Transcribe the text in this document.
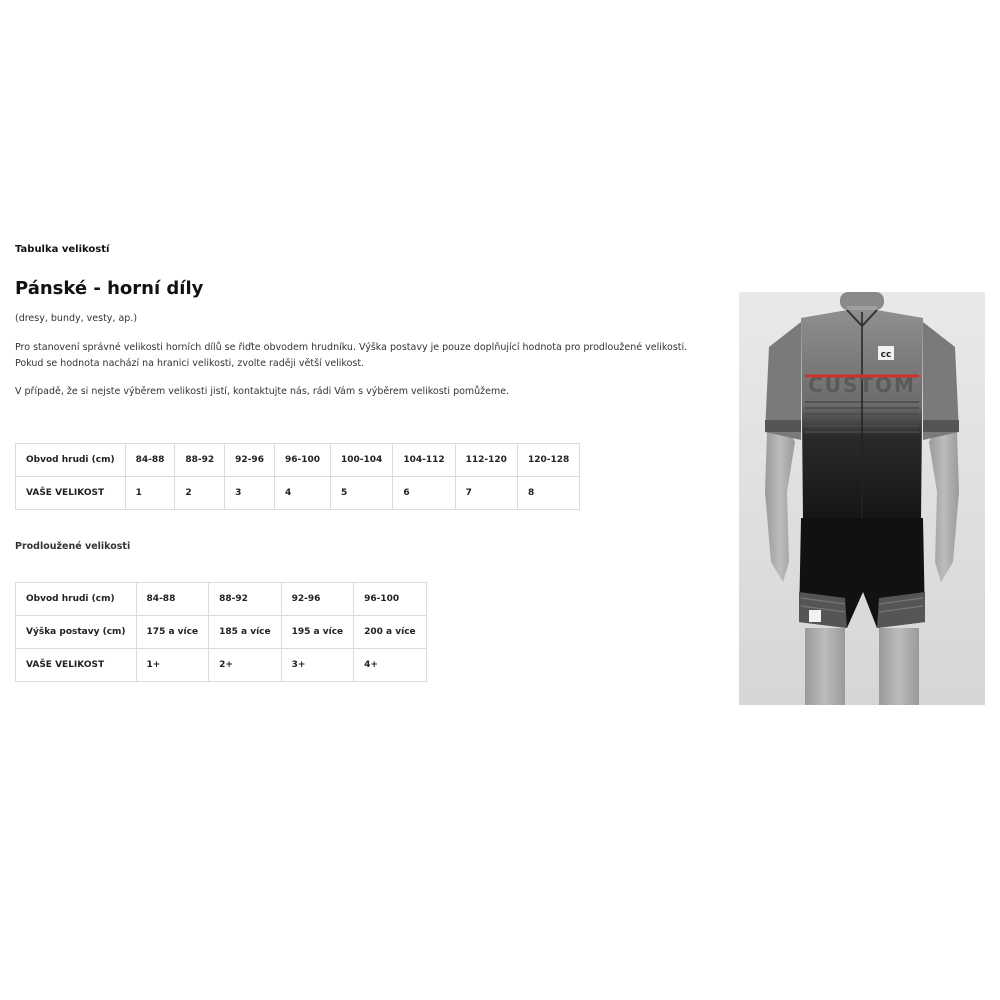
Tabulka velikostí
Pánské - horní díly
(dresy, bundy, vesty, ap.)
Pro stanovení správné velikosti horních dílů se řiďte obvodem hrudníku. Výška postavy je pouze doplňující hodnota pro prodloužené velikosti.
Pokud se hodnota nachází na hranici velikosti, zvolte raději větší velikost.
V případě, že si nejste výběrem velikosti jistí, kontaktujte nás, rádi Vám s výběrem velikosti pomůžeme.
Obvod hrudi (cm)	84-88	88-92	92-96	96-100	100-104	104-112	112-120	120-128
VAŠE VELIKOST	1	2	3	4	5	6	7	8
Prodloužené velikosti
Obvod hrudi (cm)	84-88	88-92	92-96	96-100
Výška postavy (cm)	175 a více	185 a více	195 a více	200 a více
VAŠE VELIKOST	1+	2+	3+	4+
cc
CUSTOM
